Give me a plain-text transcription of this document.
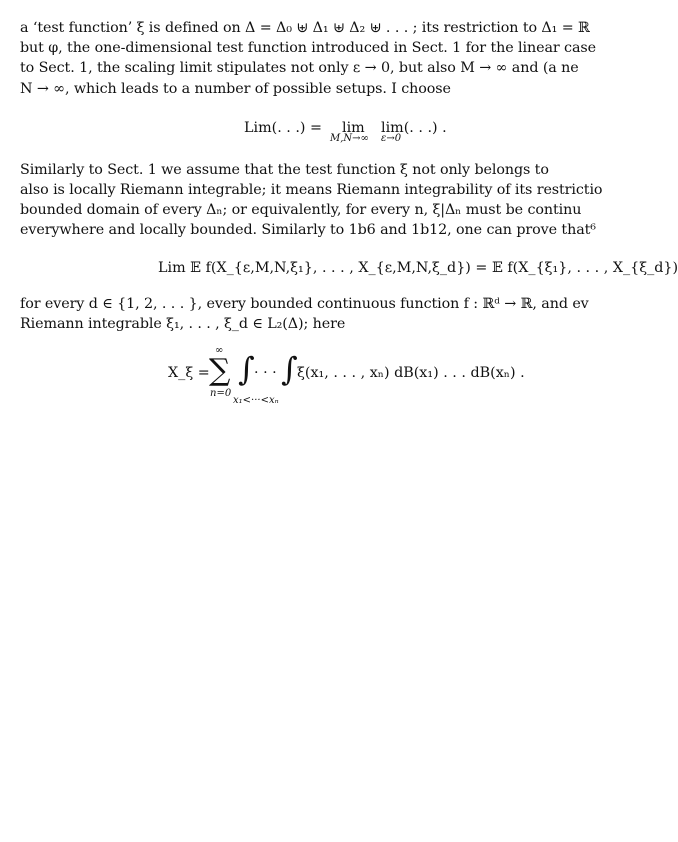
a ‘test function’ ξ is defined on Δ = Δ₀ ⊎ Δ₁ ⊎ Δ₂ ⊎ . . . ; its restriction to Δ₁ = ℝ
but φ, the one-dimensional test function introduced in Sect. 1 for the linear case
to Sect. 1, the scaling limit stipulates not only ε → 0, but also M → ∞ and (a ne
N → ∞, which leads to a number of possible setups. I choose
Lim(. . .) = lim
M,N→∞
lim(. . .) .
ε→0
Similarly to Sect. 1 we assume that the test function ξ not only belongs to
also is locally Riemann integrable; it means Riemann integrability of its restrictio
bounded domain of every Δₙ; or equivalently, for every n, ξ|Δₙ must be continu
everywhere and locally bounded. Similarly to 1b6 and 1b12, one can prove that⁶
Lim 𝔼 f(X_{ε,M,N,ξ₁}, . . . , X_{ε,M,N,ξ_d}) = 𝔼 f(X_{ξ₁}, . . . , X_{ξ_d})
for every d ∈ {1, 2, . . . }, every bounded continuous function f : ℝᵈ → ℝ, and ev
Riemann integrable ξ₁, . . . , ξ_d ∈ L₂(Δ); here
X_ξ =
∞
∑
n=0
∫ · · · ∫
x₁<···<xₙ
ξ(x₁, . . . , xₙ) dB(x₁) . . . dB(xₙ) .
